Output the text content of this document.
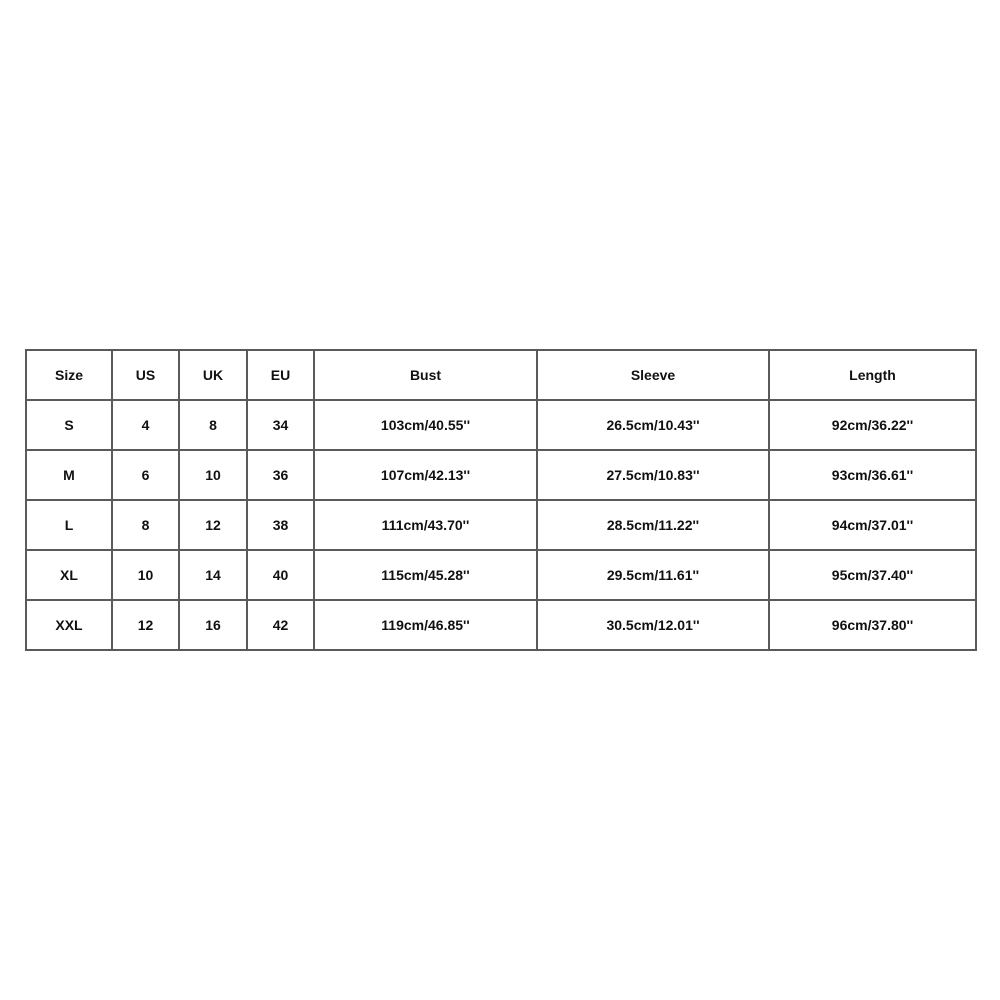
Size	US	UK	EU	Bust	Sleeve	Length
S	4	8	34	103cm/40.55''	26.5cm/10.43''	92cm/36.22''
M	6	10	36	107cm/42.13''	27.5cm/10.83''	93cm/36.61''
L	8	12	38	111cm/43.70''	28.5cm/11.22''	94cm/37.01''
XL	10	14	40	115cm/45.28''	29.5cm/11.61''	95cm/37.40''
XXL	12	16	42	119cm/46.85''	30.5cm/12.01''	96cm/37.80''
